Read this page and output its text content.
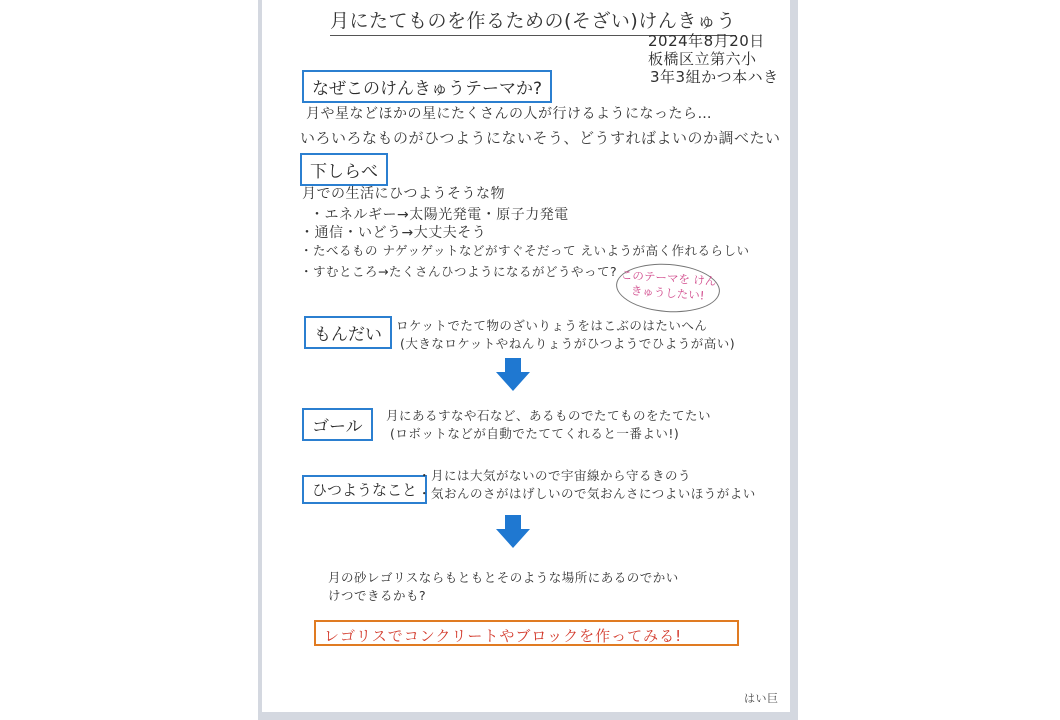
月にたてものを作るための(そざい)けんきゅう
2024年8月20日
板橋区立第六小
3年3組かつ本ハき
なぜこのけんきゅうテーマか?
月や星などほかの星にたくさんの人が行けるようになったら…
いろいろなものがひつようにないそう、どうすればよいのか調べたい
下しらべ
月での生活にひつようそうな物
・エネルギー→太陽光発電・原子力発電
・通信・いどう→大丈夫そう
・たべるもの ナゲッゲットなどがすぐそだって えいようが高く作れるらしい
・すむところ→たくさんひつようになるがどうやって? このテーマを けんきゅうしたい!
もんだい	ロケットでたて物のざいりょうをはこぶのはたいへん
(大きなロケットやねんりょうがひつようでひようが高い)
ゴール
月にあるすなや石など、あるものでたてものをたてたい
(ロボットなどが自動でたててくれると一番よい!)
ひつようなこと
・月には大気がないので宇宙線から守るきのう
・気おんのさがはげしいので気おんさにつよいほうがよい
月の砂レゴリスならもともとそのような場所にあるのでかい
けつできるかも?
レゴリスでコンクリートやブロックを作ってみる!
はい巨
